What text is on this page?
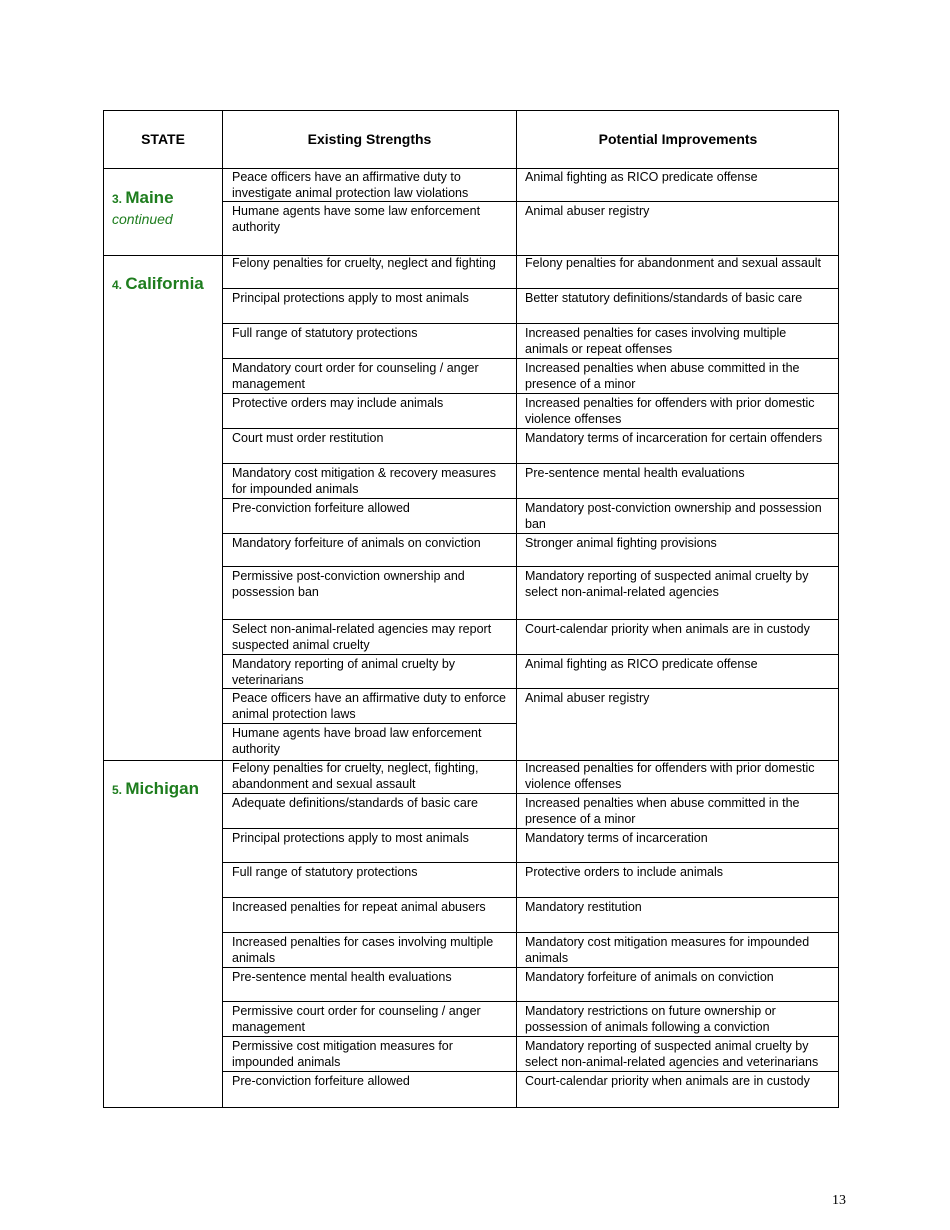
STATE	Existing Strengths	Potential Improvements
3. Maine
continued
4. California
5. Michigan
Peace officers have an affirmative duty to investigate animal protection law violations
Humane agents have some law enforcement authority
Animal fighting as RICO predicate offense
Animal abuser registry
Felony penalties for cruelty, neglect and fighting
Principal protections apply to most animals
Full range of statutory protections
Mandatory court order for counseling / anger management
Protective orders may include animals
Court must order restitution
Mandatory cost mitigation & recovery measures for impounded animals
Pre-conviction forfeiture allowed
Mandatory forfeiture of animals on conviction
Permissive post-conviction ownership and possession ban
Select non-animal-related agencies may report suspected animal cruelty
Mandatory reporting of animal cruelty by veterinarians
Peace officers have an affirmative duty to enforce animal protection laws
Humane agents have broad law enforcement authority
Felony penalties for abandonment and sexual assault
Better statutory definitions/standards of basic care
Increased penalties for cases involving multiple animals or repeat offenses
Increased penalties when abuse committed in the presence of a minor
Increased penalties for offenders with prior domestic violence offenses
Mandatory terms of incarceration for certain offenders
Pre-sentence mental health evaluations
Mandatory post-conviction ownership and possession ban
Stronger animal fighting provisions
Mandatory reporting of suspected animal cruelty by select non-animal-related agencies
Court-calendar priority when animals are in custody
Animal fighting as RICO predicate offense
Animal abuser registry
Felony penalties for cruelty, neglect, fighting, abandonment and sexual assault
Adequate definitions/standards of basic care
Principal protections apply to most animals
Full range of statutory protections
Increased penalties for repeat animal abusers
Increased penalties for cases involving multiple animals
Pre-sentence mental health evaluations
Permissive court order for counseling / anger management
Permissive cost mitigation measures for impounded animals
Pre-conviction forfeiture allowed
Increased penalties for offenders with prior domestic violence offenses
Increased penalties when abuse committed in the presence of a minor
Mandatory terms of incarceration
Protective orders to include animals
Mandatory restitution
Mandatory cost mitigation measures for impounded animals
Mandatory forfeiture of animals on conviction
Mandatory restrictions on future ownership or possession of animals following a conviction
Mandatory reporting of suspected animal cruelty by select non-animal-related agencies and veterinarians
Court-calendar priority when animals are in custody
13
